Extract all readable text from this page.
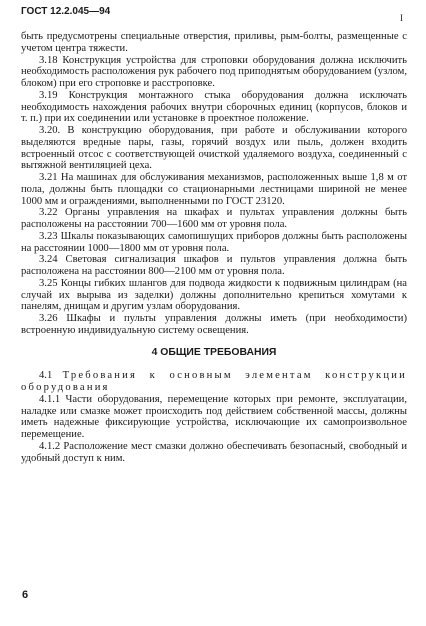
ГОСТ 12.2.045—94
І

быть предусмотрены специальные отверстия, приливы, рым-болты, размещенные с учетом центра тяжести.

3.18 Конструкция устройства для строповки оборудования должна исключить необходимость расположения рук рабочего под приподнятым оборудованием (узлом, блоком) при его строповке и расстроповке.

3.19 Конструкция монтажного стыка оборудования должна исключать необходимость нахождения рабочих внутри сборочных единиц (корпусов, блоков и т. п.) при их соединении или установке в проектное положение.

3.20. В конструкцию оборудования, при работе и обслуживании которого выделяются вредные пары, газы, горячий воздух или пыль, должен входить встроенный отсос с соответствующей очисткой удаляемого воздуха, соединенный с вытяжной вентиляцией цеха.

3.21 На машинах для обслуживания механизмов, расположенных выше 1,8 м от пола, должны быть площадки со стационарными лестницами шириной не менее 1000 мм и ограждениями, выполненными по ГОСТ 23120.

3.22 Органы управления на шкафах и пультах управления должны быть расположены на расстоянии 700—1600 мм от уровня пола.

3.23 Шкалы показывающих самопишущих приборов должны быть расположены на расстоянии 1000—1800 мм от уровня пола.

3.24 Световая сигнализация шкафов и пультов управления должна быть расположена на расстоянии 800—2100 мм от уровня пола.

3.25 Концы гибких шлангов для подвода жидкости к подвижным цилиндрам (на случай их вырыва из заделки) должны дополнительно крепиться хомутами к панелям, днищам и другим узлам оборудования.

3.26 Шкафы и пульты управления должны иметь (при необходимости) встроенную индивидуальную систему освещения.

4 ОБЩИЕ ТРЕБОВАНИЯ

4.1 Требования к основным элементам конструкции оборудования

4.1.1 Части оборудования, перемещение которых при ремонте, эксплуатации, наладке или смазке может происходить под действием собственной массы, должны иметь надежные фиксирующие устройства, исключающие их самопроизвольное перемещение.

4.1.2 Расположение мест смазки должно обеспечивать безопасный, свободный и удобный доступ к ним.

6
